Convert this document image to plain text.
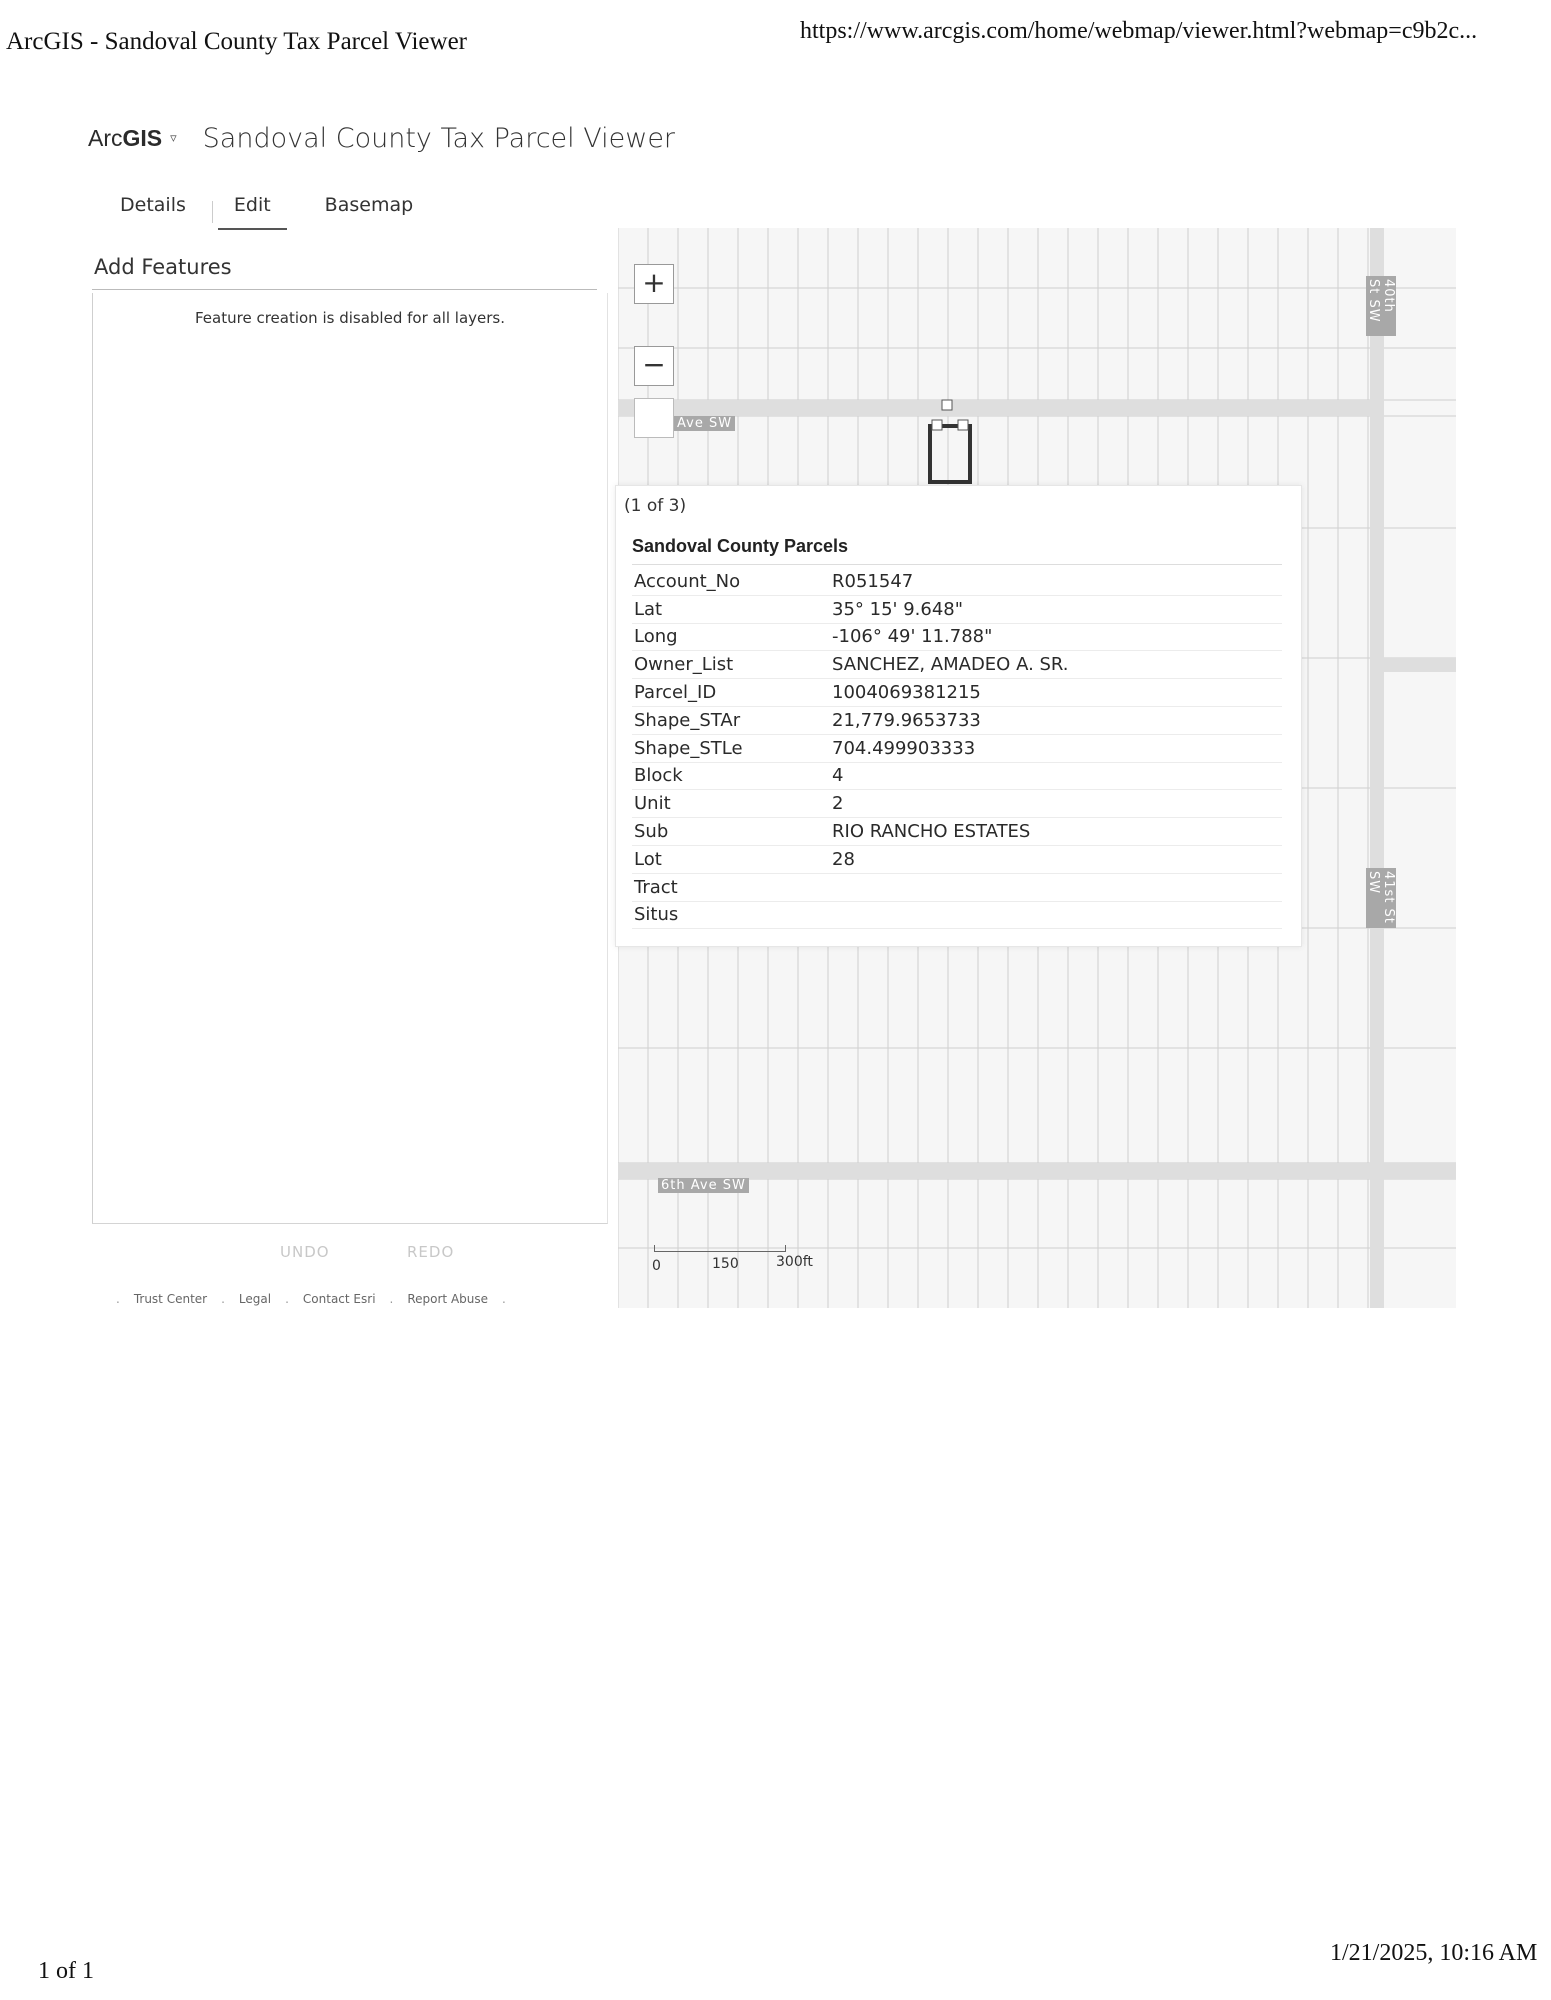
ArcGIS - Sandoval County Tax Parcel Viewer	https://www.arcgis.com/home/webmap/viewer.html?webmap=c9b2c...
1 of 1
1/21/2025, 10:16 AM
ArcGIS ▿ Sandoval County Tax Parcel Viewer
Details	Edit	Basemap
Add Features
Feature creation is disabled for all layers.
UNDO	REDO
. Trust Center . Legal . Contact Esri . Report Abuse .
Ave SW
6th Ave SW
40th St SW
41st St SW
+
−
(1 of 3)
Sandoval County Parcels
Account_No	R051547
Lat	35° 15' 9.648"
Long	-106° 49' 11.788"
Owner_List	SANCHEZ, AMADEO A. SR.
Parcel_ID	1004069381215
Shape_STAr	21,779.9653733
Shape_STLe	704.499903333
Block	4
Unit	2
Sub	RIO RANCHO ESTATES
Lot	28
Tract	
Situs	
0	150	300ft
